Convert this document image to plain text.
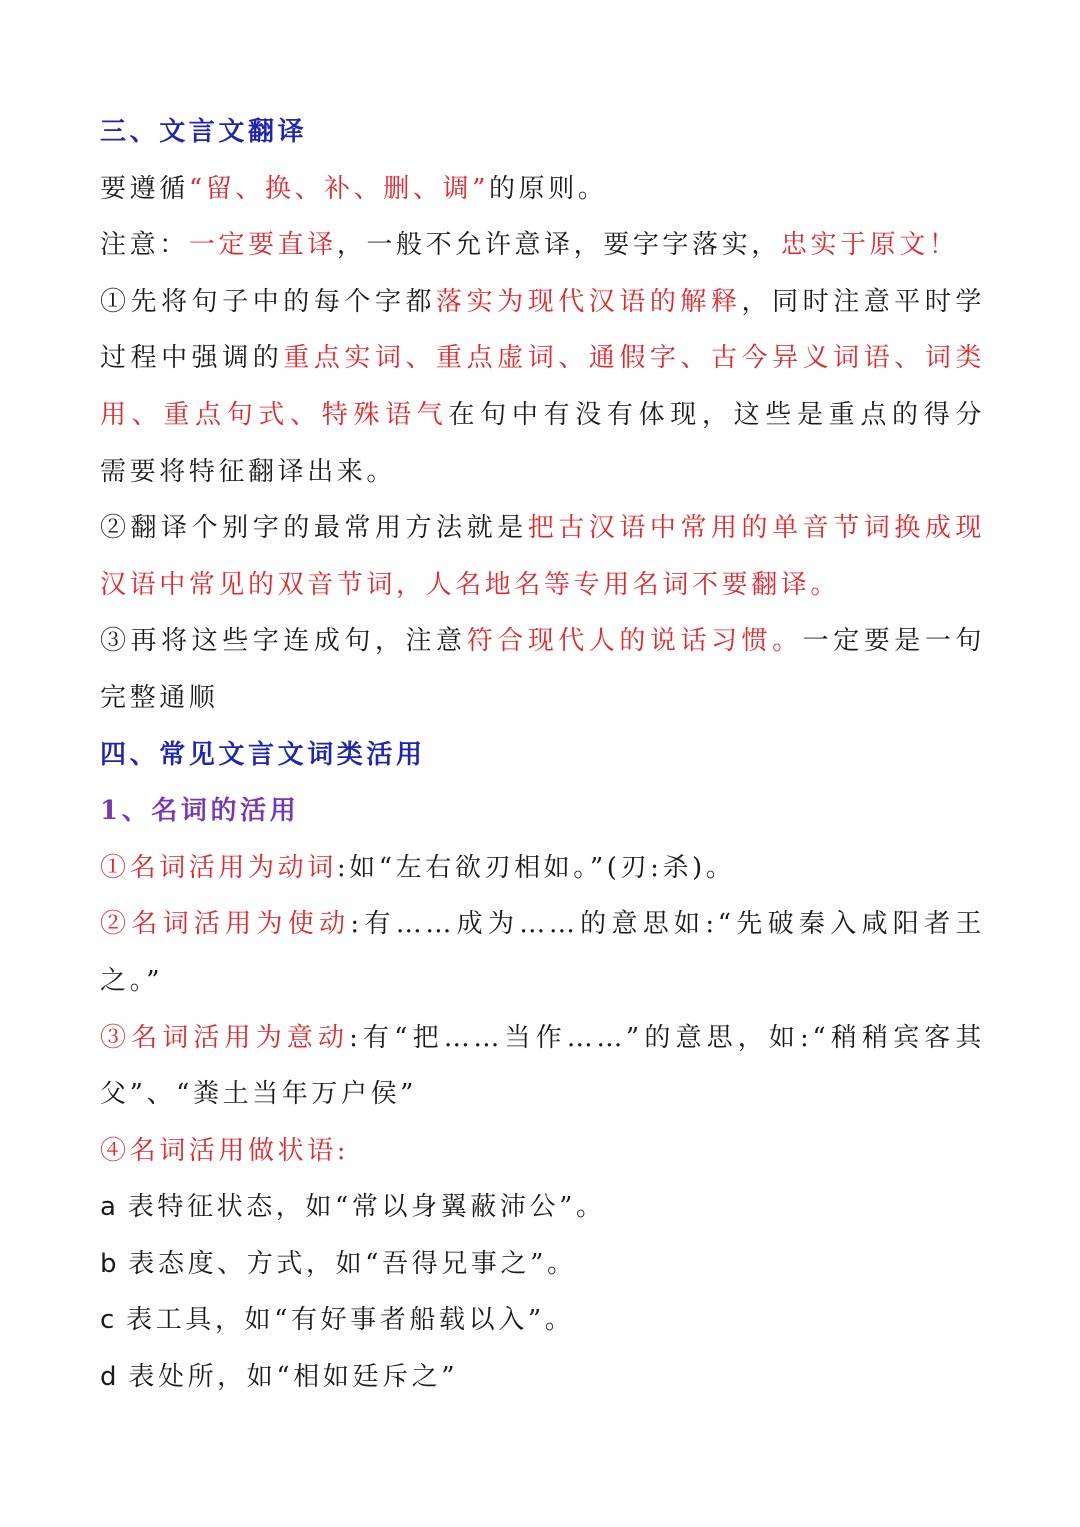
三、文言文翻译
要遵循“留、换、补、删、调”的原则。
注意：一定要直译，一般不允许意译，要字字落实，忠实于原文！
①先将句子中的每个字都落实为现代汉语的解释，同时注意平时学
过程中强调的重点实词、重点虚词、通假字、古今异义词语、词类
用、重点句式、特殊语气在句中有没有体现，这些是重点的得分
需要将特征翻译出来。
②翻译个别字的最常用方法就是把古汉语中常用的单音节词换成现
汉语中常见的双音节词，人名地名等专用名词不要翻译。
③再将这些字连成句，注意符合现代人的说话习惯。一定要是一句
完整通顺
四、常见文言文词类活用
1、名词的活用
①名词活用为动词:如“左右欲刃相如。”(刃:杀)。
②名词活用为使动:有……成为……的意思如:“先破秦入咸阳者王
之。”
③名词活用为意动:有“把……当作……”的意思，如:“稍稍宾客其
父”、“粪土当年万户侯”
④名词活用做状语:
a 表特征状态，如“常以身翼蔽沛公”。
b 表态度、方式，如“吾得兄事之”。
c 表工具，如“有好事者船载以入”。
d 表处所，如“相如廷斥之”
